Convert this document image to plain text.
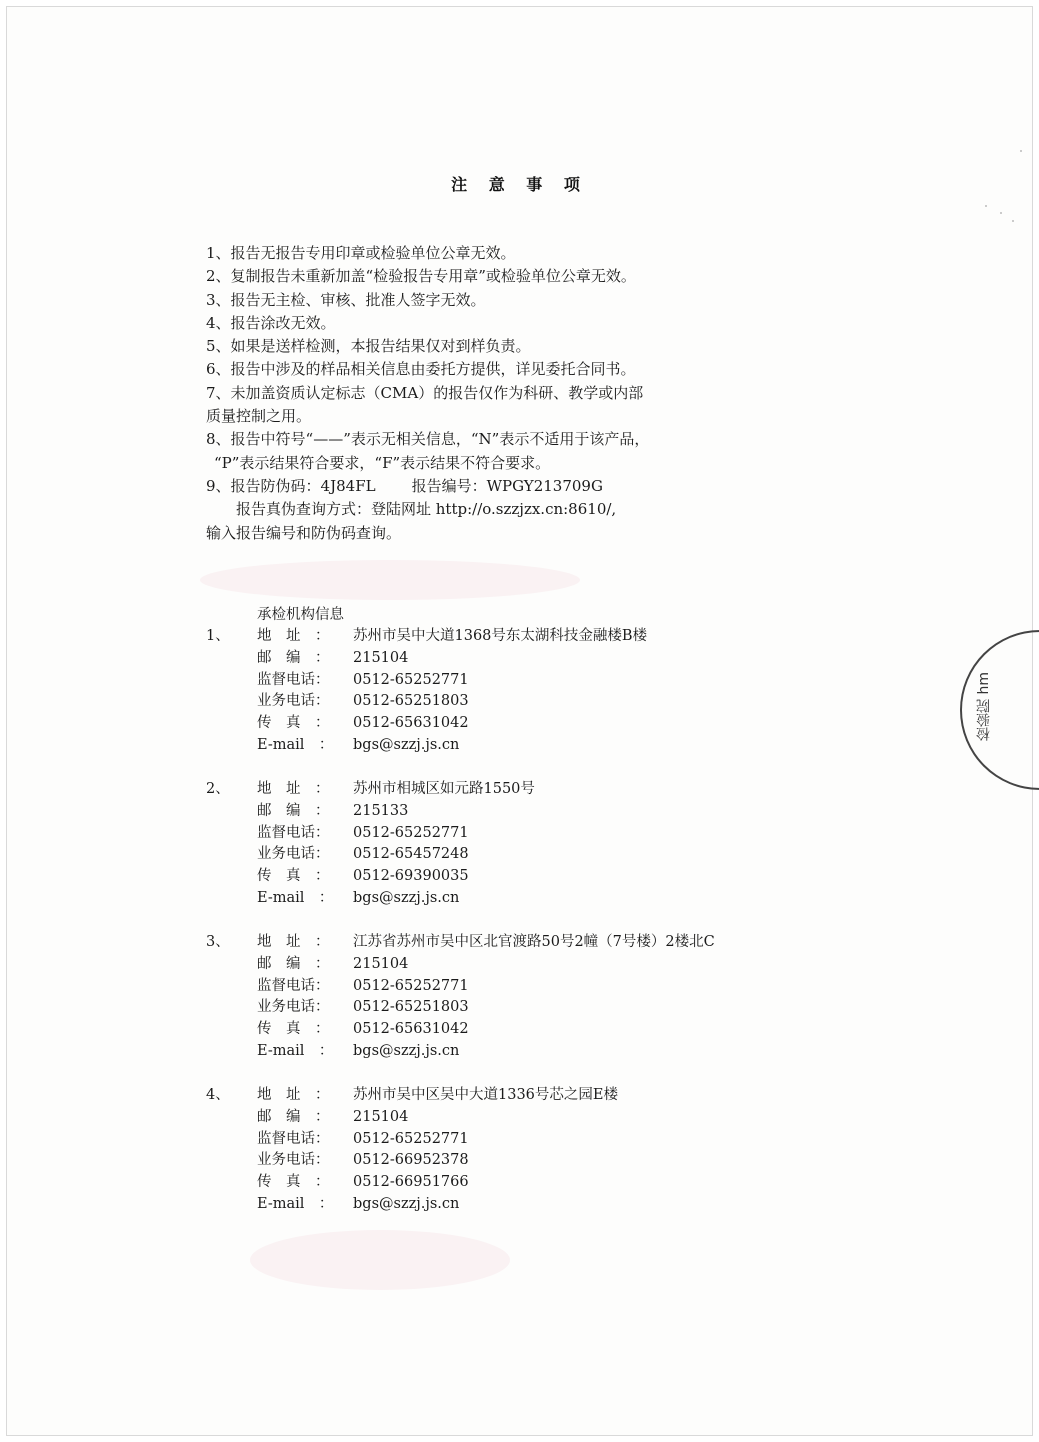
注 意 事 项
1、报告无报告专用印章或检验单位公章无效。
2、复制报告未重新加盖“检验报告专用章”或检验单位公章无效。
3、报告无主检、审核、批准人签字无效。
4、报告涂改无效。
5、如果是送样检测，本报告结果仅对到样负责。
6、报告中涉及的样品相关信息由委托方提供，详见委托合同书。
7、未加盖资质认定标志（CMA）的报告仅作为科研、教学或内部
质量控制之用。
8、报告中符号“——”表示无相关信息，“N”表示不适用于该产品，
“P”表示结果符合要求，“F”表示结果不符合要求。
9、报告防伪码：4J84FL 报告编号：WPGY213709G
报告真伪查询方式：登陆网址 http://o.szzjzx.cn:8610/,
输入报告编号和防伪码查询。
承检机构信息
1、	地　址　：	苏州市吴中大道1368号东太湖科技金融楼B楼
邮　编　：	215104
监督电话：	0512-65252771
业务电话：	0512-65251803
传　真　：	0512-65631042
E-mail　：	bgs@szzj.js.cn
2、	地　址　：	苏州市相城区如元路1550号
邮　编　：	215133
监督电话：	0512-65252771
业务电话：	0512-65457248
传　真　：	0512-69390035
E-mail　：	bgs@szzj.js.cn
3、	地　址　：	江苏省苏州市吴中区北官渡路50号2幢（7号楼）2楼北C
邮　编　：	215104
监督电话：	0512-65252771
业务电话：	0512-65251803
传　真　：	0512-65631042
E-mail　：	bgs@szzj.js.cn
4、	地　址　：	苏州市吴中区吴中大道1336号芯之园E楼
邮　编　：	215104
监督电话：	0512-65252771
业务电话：	0512-66952378
传　真　：	0512-66951766
E-mail　：	bgs@szzj.js.cn
检验院 hm
